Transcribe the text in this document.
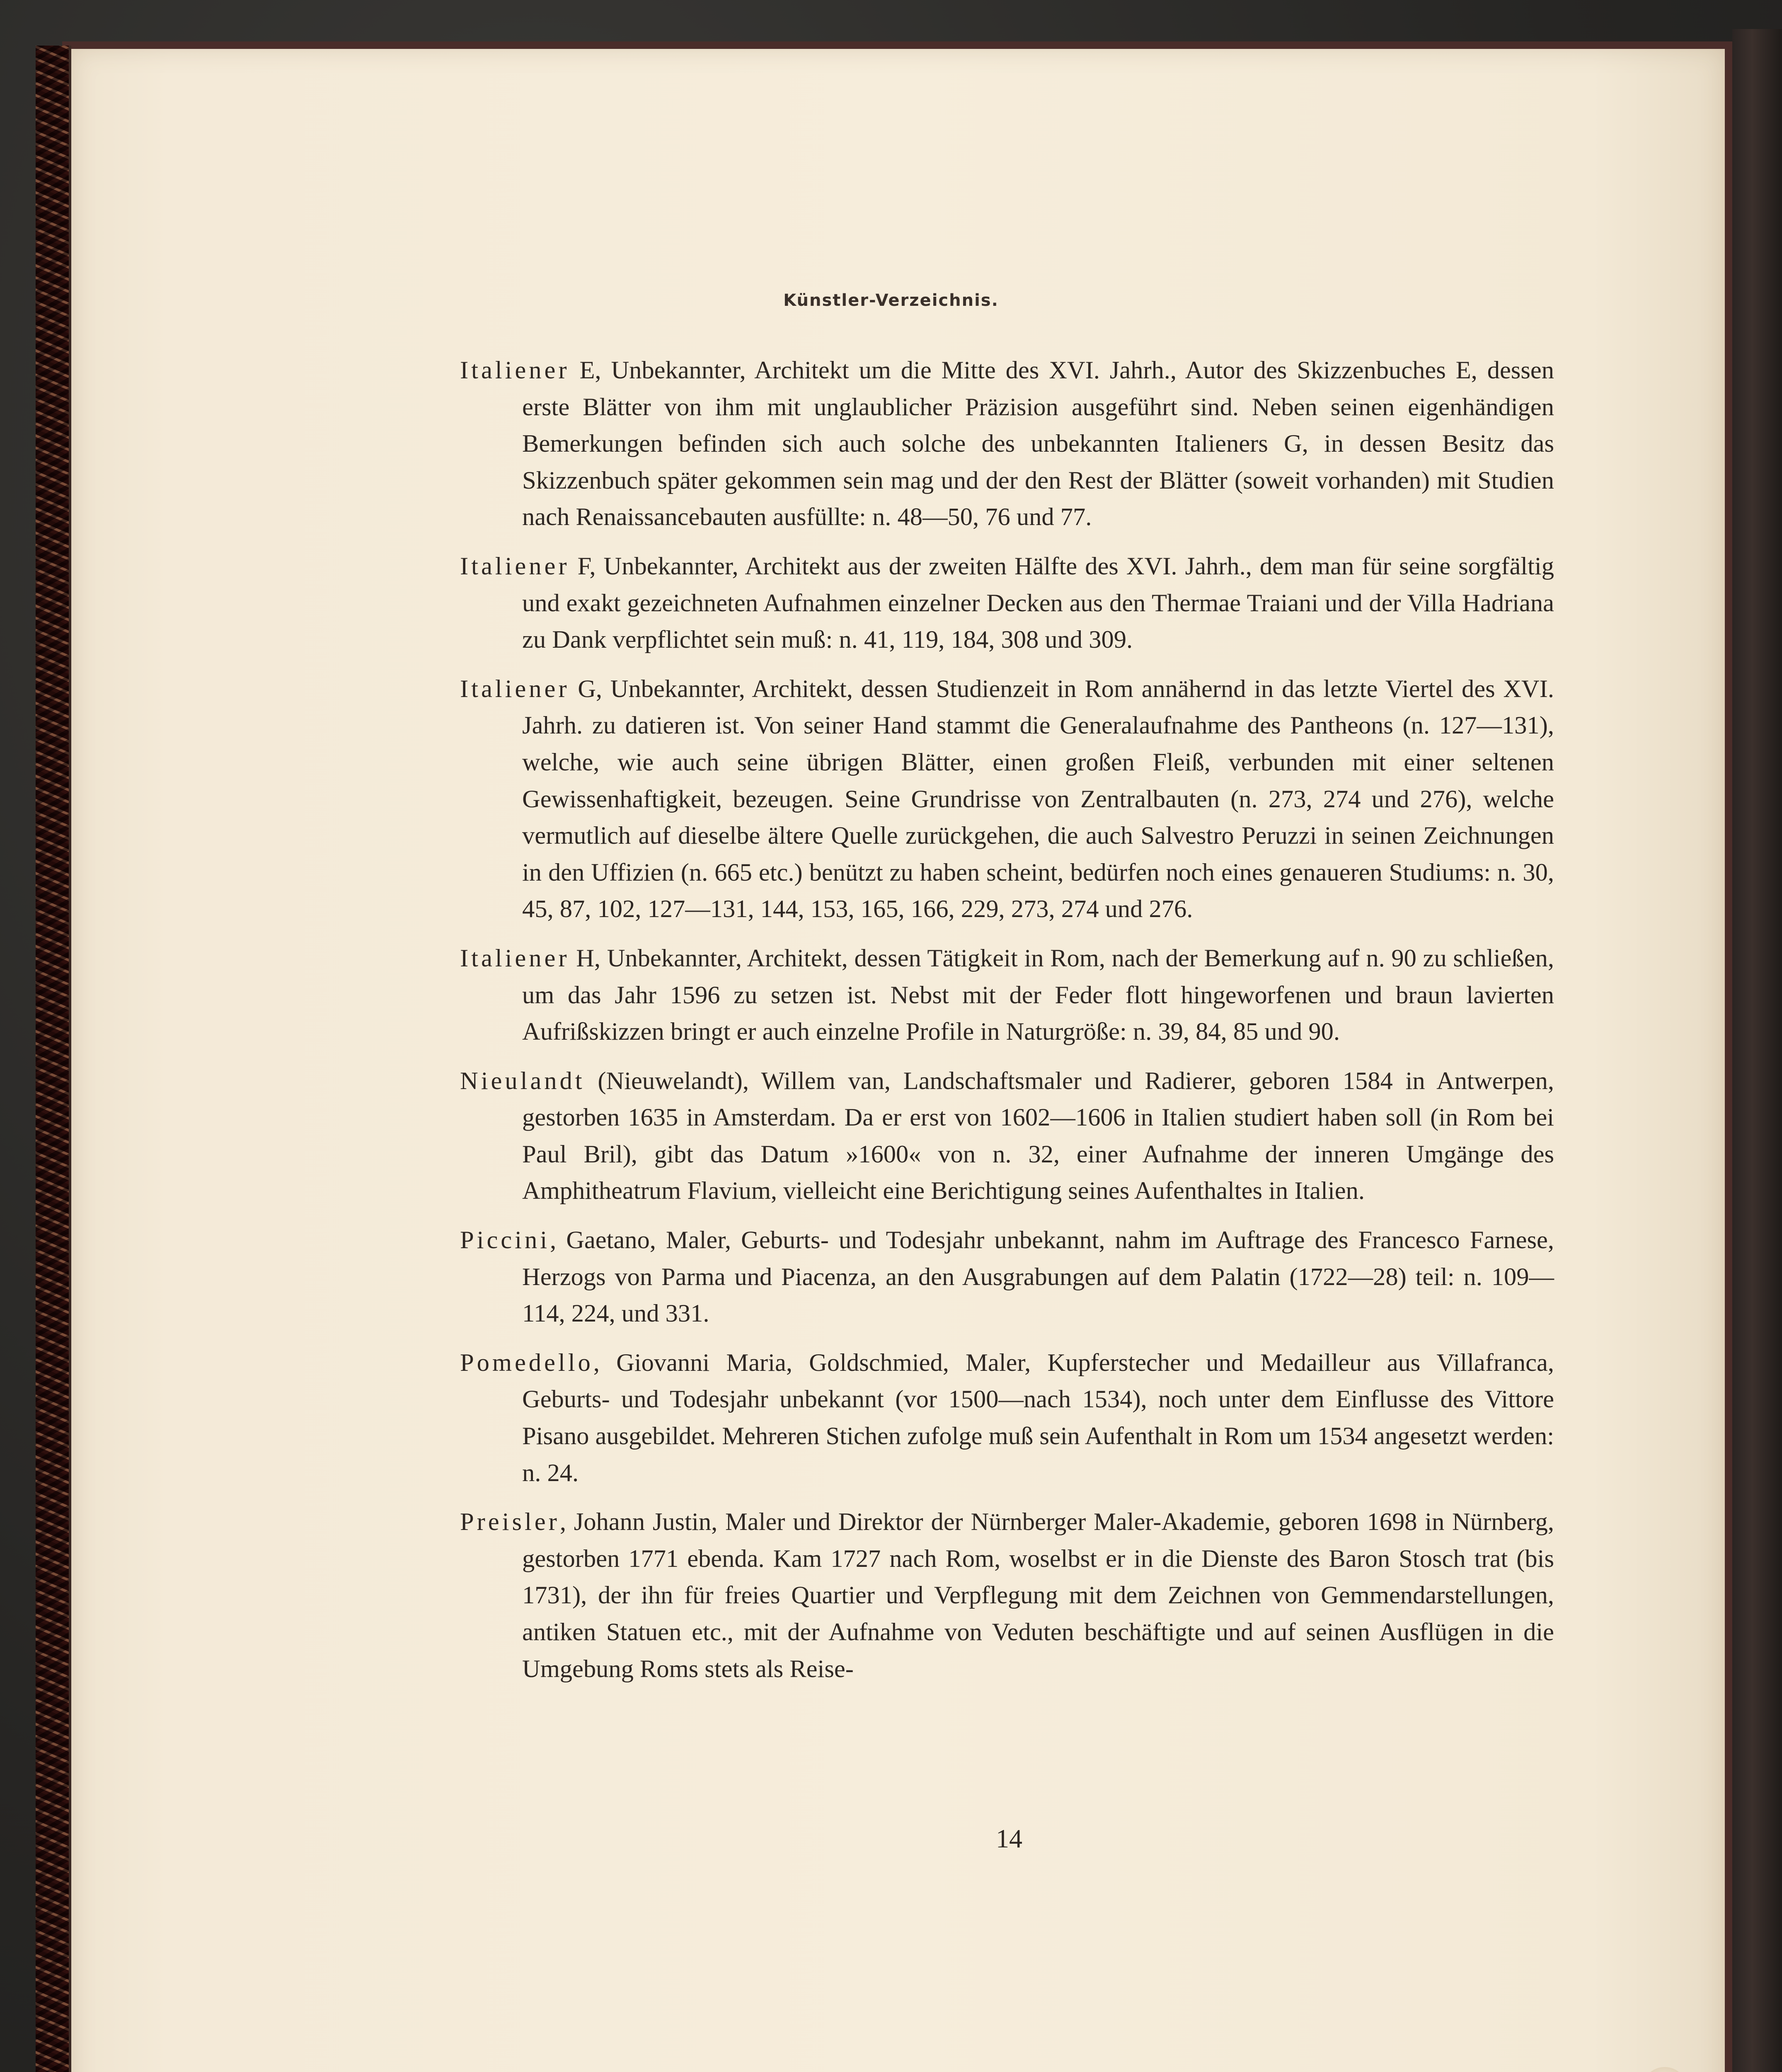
Künstler-Verzeichnis.

Italiener E, Unbekannter, Architekt um die Mitte des XVI. Jahrh., Autor des Skizzenbuches E, dessen erste Blätter von ihm mit unglaublicher Präzision ausgeführt sind. Neben seinen eigenhändigen Bemerkungen befinden sich auch solche des unbekannten Italieners G, in dessen Besitz das Skizzenbuch später gekommen sein mag und der den Rest der Blätter (soweit vorhanden) mit Studien nach Renaissancebauten ausfüllte: n. 48—50, 76 und 77.

Italiener F, Unbekannter, Architekt aus der zweiten Hälfte des XVI. Jahrh., dem man für seine sorgfältig und exakt gezeichneten Aufnahmen einzelner Decken aus den Thermae Traiani und der Villa Hadriana zu Dank verpflichtet sein muß: n. 41, 119, 184, 308 und 309.

Italiener G, Unbekannter, Architekt, dessen Studienzeit in Rom annähernd in das letzte Viertel des XVI. Jahrh. zu datieren ist. Von seiner Hand stammt die Generalaufnahme des Pantheons (n. 127—131), welche, wie auch seine übrigen Blätter, einen großen Fleiß, verbunden mit einer seltenen Gewissenhaftigkeit, bezeugen. Seine Grundrisse von Zentralbauten (n. 273, 274 und 276), welche vermutlich auf dieselbe ältere Quelle zurückgehen, die auch Salvestro Peruzzi in seinen Zeichnungen in den Uffizien (n. 665 etc.) benützt zu haben scheint, bedürfen noch eines genaueren Studiums: n. 30, 45, 87, 102, 127—131, 144, 153, 165, 166, 229, 273, 274 und 276.

Italiener H, Unbekannter, Architekt, dessen Tätigkeit in Rom, nach der Bemerkung auf n. 90 zu schließen, um das Jahr 1596 zu setzen ist. Nebst mit der Feder flott hingeworfenen und braun lavierten Aufrißskizzen bringt er auch einzelne Profile in Naturgröße: n. 39, 84, 85 und 90.

Nieulandt (Nieuwelandt), Willem van, Landschaftsmaler und Radierer, geboren 1584 in Antwerpen, gestorben 1635 in Amsterdam. Da er erst von 1602—1606 in Italien studiert haben soll (in Rom bei Paul Bril), gibt das Datum »1600« von n. 32, einer Aufnahme der inneren Umgänge des Amphitheatrum Flavium, vielleicht eine Berichtigung seines Aufenthaltes in Italien.

Piccini, Gaetano, Maler, Geburts- und Todesjahr unbekannt, nahm im Auftrage des Francesco Farnese, Herzogs von Parma und Piacenza, an den Ausgrabungen auf dem Palatin (1722—28) teil: n. 109—114, 224, und 331.

Pomedello, Giovanni Maria, Goldschmied, Maler, Kupferstecher und Medailleur aus Villafranca, Geburts- und Todesjahr unbekannt (vor 1500—nach 1534), noch unter dem Einflusse des Vittore Pisano ausgebildet. Mehreren Stichen zufolge muß sein Aufenthalt in Rom um 1534 angesetzt werden: n. 24.

Preisler, Johann Justin, Maler und Direktor der Nürnberger Maler-Akademie, geboren 1698 in Nürnberg, gestorben 1771 ebenda. Kam 1727 nach Rom, woselbst er in die Dienste des Baron Stosch trat (bis 1731), der ihn für freies Quartier und Verpflegung mit dem Zeichnen von Gemmendarstellungen, antiken Statuen etc., mit der Aufnahme von Veduten beschäftigte und auf seinen Ausflügen in die Umgebung Roms stets als Reise-

14
